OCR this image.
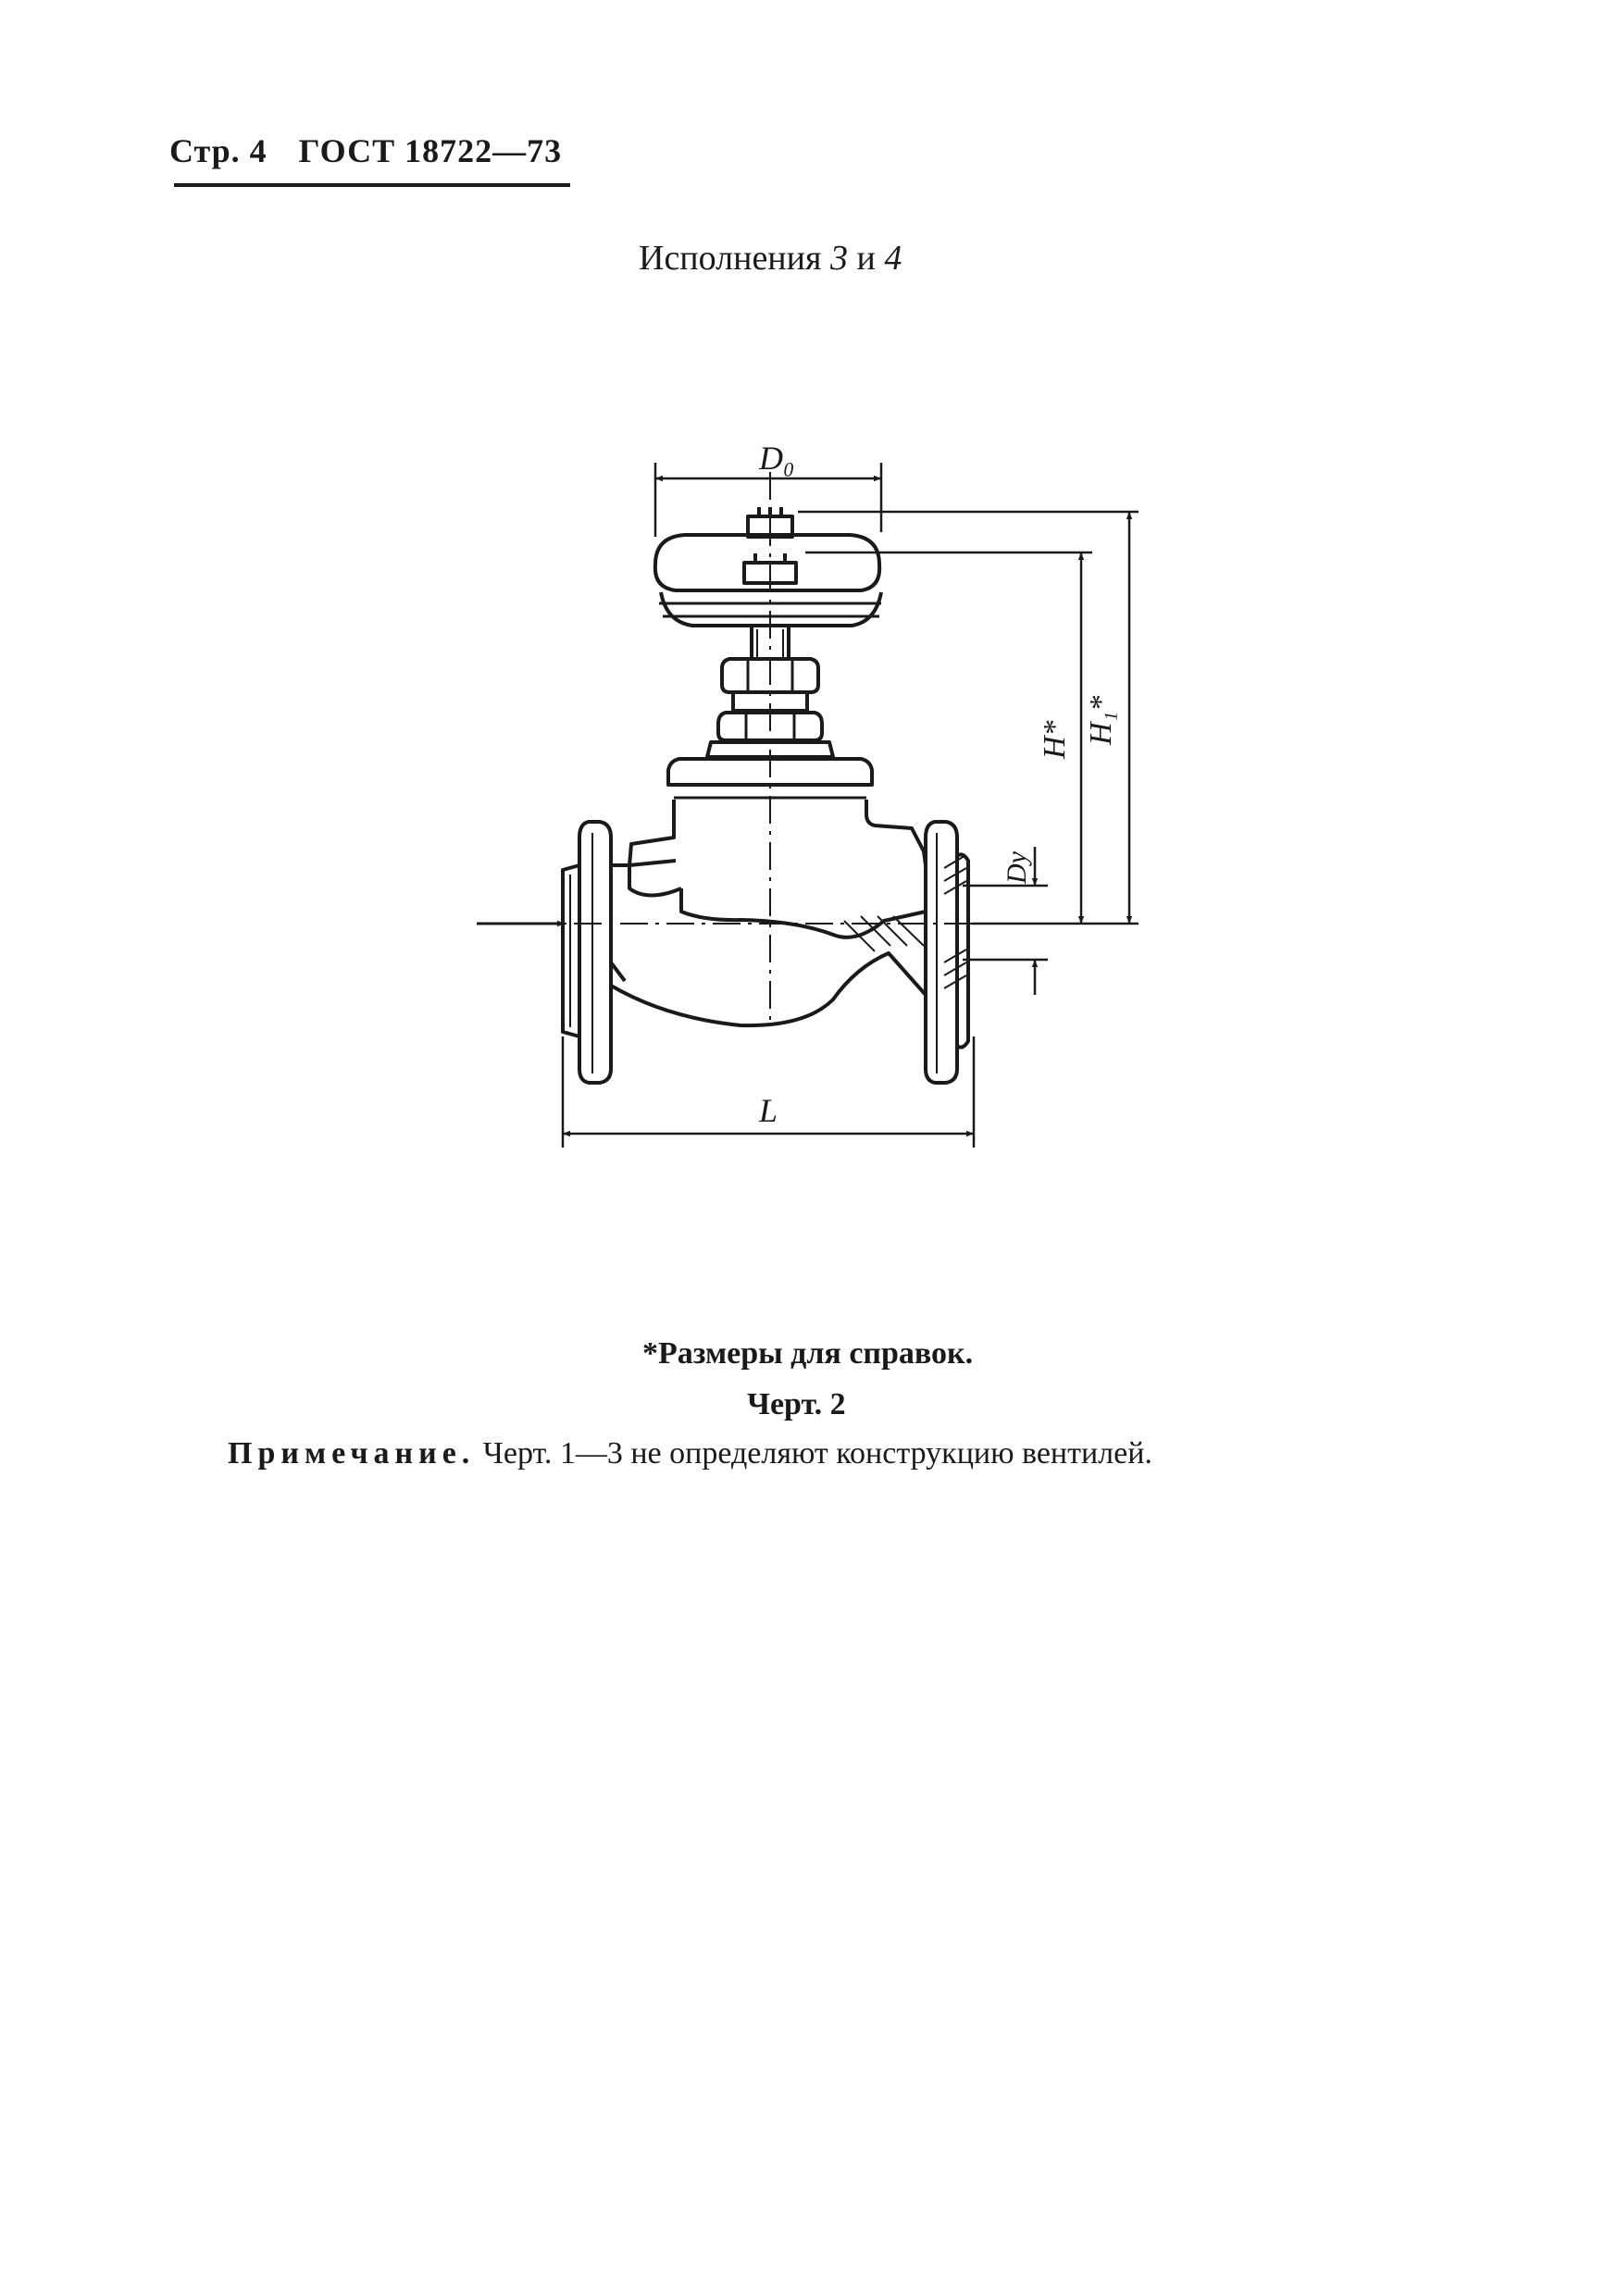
Стр. 4 ГОСТ 18722—73
Исполнения 3 и 4
D₀
H* H₁*
Dy
L
*Размеры для справок.
Черт. 2
Примечание. Черт. 1—3 не определяют конструкцию вентилей.
